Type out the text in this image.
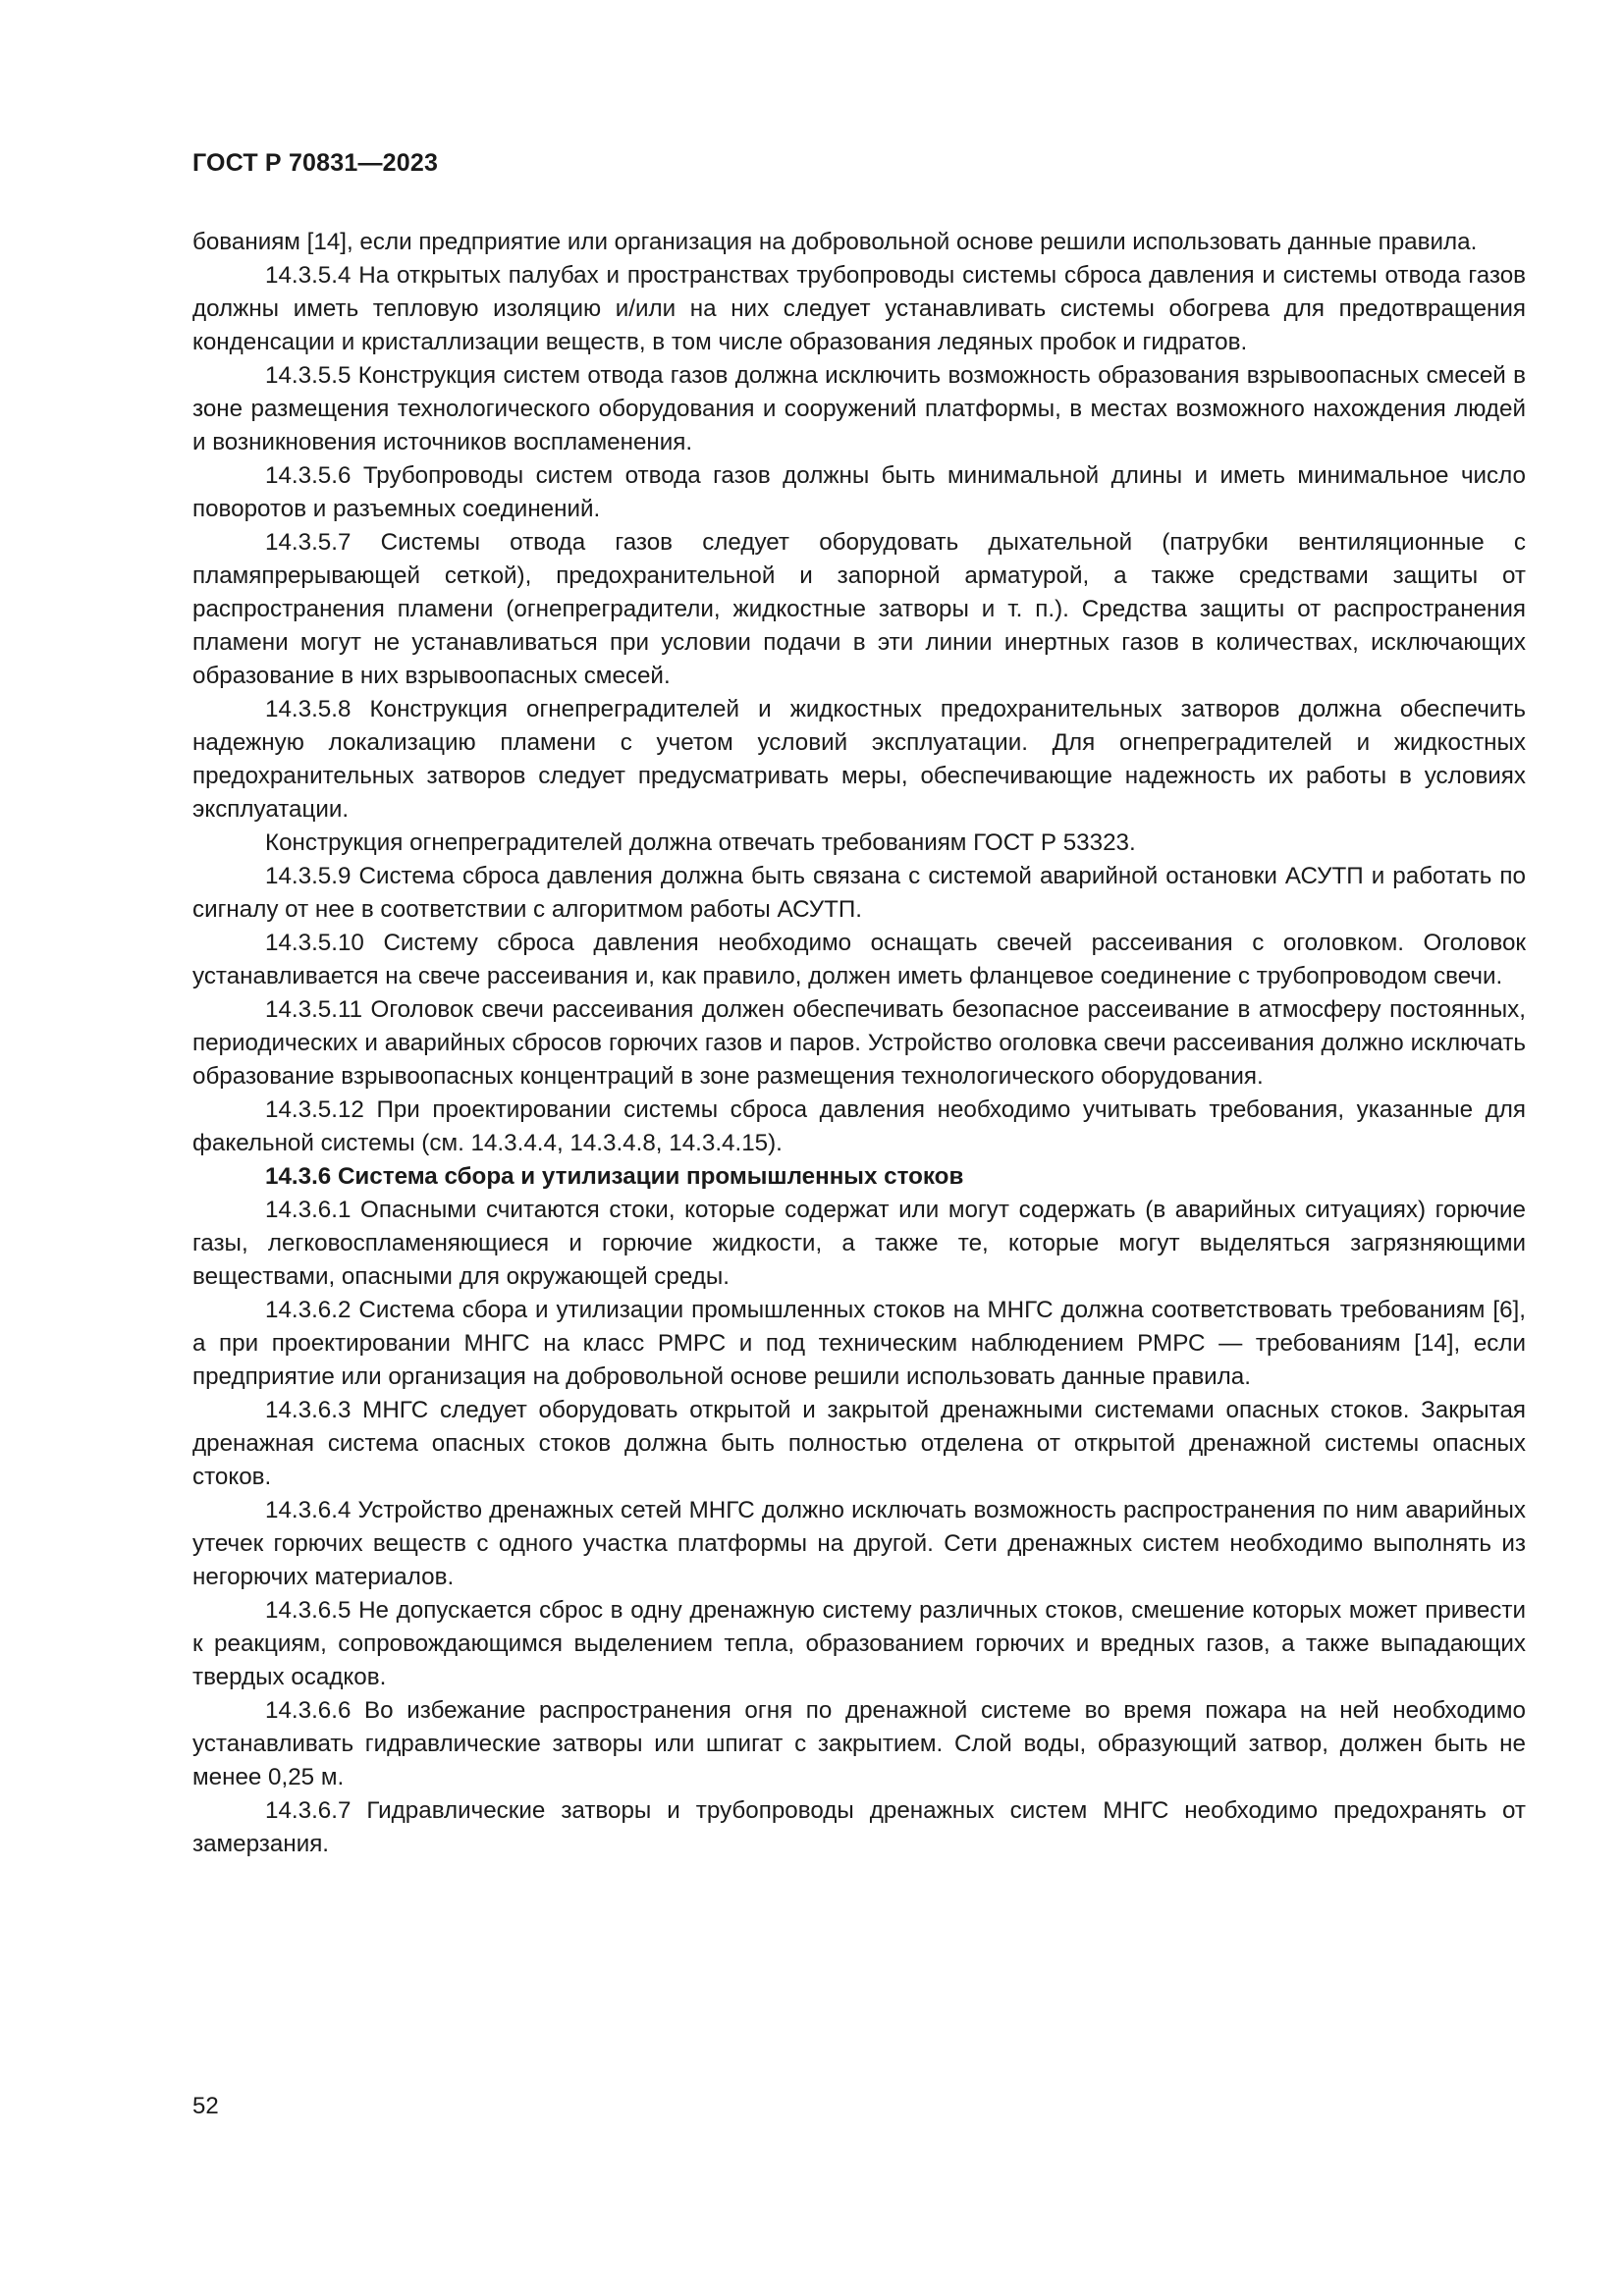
ГОСТ Р 70831—2023

бованиям [14], если предприятие или организация на добровольной основе решили использовать данные правила.

14.3.5.4 На открытых палубах и пространствах трубопроводы системы сброса давления и системы отвода газов должны иметь тепловую изоляцию и/или на них следует устанавливать системы обогрева для предотвращения конденсации и кристаллизации веществ, в том числе образования ледяных пробок и гидратов.

14.3.5.5 Конструкция систем отвода газов должна исключить возможность образования взрывоопасных смесей в зоне размещения технологического оборудования и сооружений платформы, в местах возможного нахождения людей и возникновения источников воспламенения.

14.3.5.6 Трубопроводы систем отвода газов должны быть минимальной длины и иметь минимальное число поворотов и разъемных соединений.

14.3.5.7 Системы отвода газов следует оборудовать дыхательной (патрубки вентиляционные с пламяпрерывающей сеткой), предохранительной и запорной арматурой, а также средствами защиты от распространения пламени (огнепреградители, жидкостные затворы и т. п.). Средства защиты от распространения пламени могут не устанавливаться при условии подачи в эти линии инертных газов в количествах, исключающих образование в них взрывоопасных смесей.

14.3.5.8 Конструкция огнепреградителей и жидкостных предохранительных затворов должна обеспечить надежную локализацию пламени с учетом условий эксплуатации. Для огнепреградителей и жидкостных предохранительных затворов следует предусматривать меры, обеспечивающие надежность их работы в условиях эксплуатации.

Конструкция огнепреградителей должна отвечать требованиям ГОСТ Р 53323.

14.3.5.9 Система сброса давления должна быть связана с системой аварийной остановки АСУТП и работать по сигналу от нее в соответствии с алгоритмом работы АСУТП.

14.3.5.10 Систему сброса давления необходимо оснащать свечей рассеивания с оголовком. Оголовок устанавливается на свече рассеивания и, как правило, должен иметь фланцевое соединение с трубопроводом свечи.

14.3.5.11 Оголовок свечи рассеивания должен обеспечивать безопасное рассеивание в атмосферу постоянных, периодических и аварийных сбросов горючих газов и паров. Устройство оголовка свечи рассеивания должно исключать образование взрывоопасных концентраций в зоне размещения технологического оборудования.

14.3.5.12 При проектировании системы сброса давления необходимо учитывать требования, указанные для факельной системы (см. 14.3.4.4, 14.3.4.8, 14.3.4.15).

14.3.6 Система сбора и утилизации промышленных стоков

14.3.6.1 Опасными считаются стоки, которые содержат или могут содержать (в аварийных ситуациях) горючие газы, легковоспламеняющиеся и горючие жидкости, а также те, которые могут выделяться загрязняющими веществами, опасными для окружающей среды.

14.3.6.2 Система сбора и утилизации промышленных стоков на МНГС должна соответствовать требованиям [6], а при проектировании МНГС на класс РМРС и под техническим наблюдением РМРС — требованиям [14], если предприятие или организация на добровольной основе решили использовать данные правила.

14.3.6.3 МНГС следует оборудовать открытой и закрытой дренажными системами опасных стоков. Закрытая дренажная система опасных стоков должна быть полностью отделена от открытой дренажной системы опасных стоков.

14.3.6.4 Устройство дренажных сетей МНГС должно исключать возможность распространения по ним аварийных утечек горючих веществ с одного участка платформы на другой. Сети дренажных систем необходимо выполнять из негорючих материалов.

14.3.6.5 Не допускается сброс в одну дренажную систему различных стоков, смешение которых может привести к реакциям, сопровождающимся выделением тепла, образованием горючих и вредных газов, а также выпадающих твердых осадков.

14.3.6.6 Во избежание распространения огня по дренажной системе во время пожара на ней необходимо устанавливать гидравлические затворы или шпигат с закрытием. Слой воды, образующий затвор, должен быть не менее 0,25 м.

14.3.6.7 Гидравлические затворы и трубопроводы дренажных систем МНГС необходимо предохранять от замерзания.

52
